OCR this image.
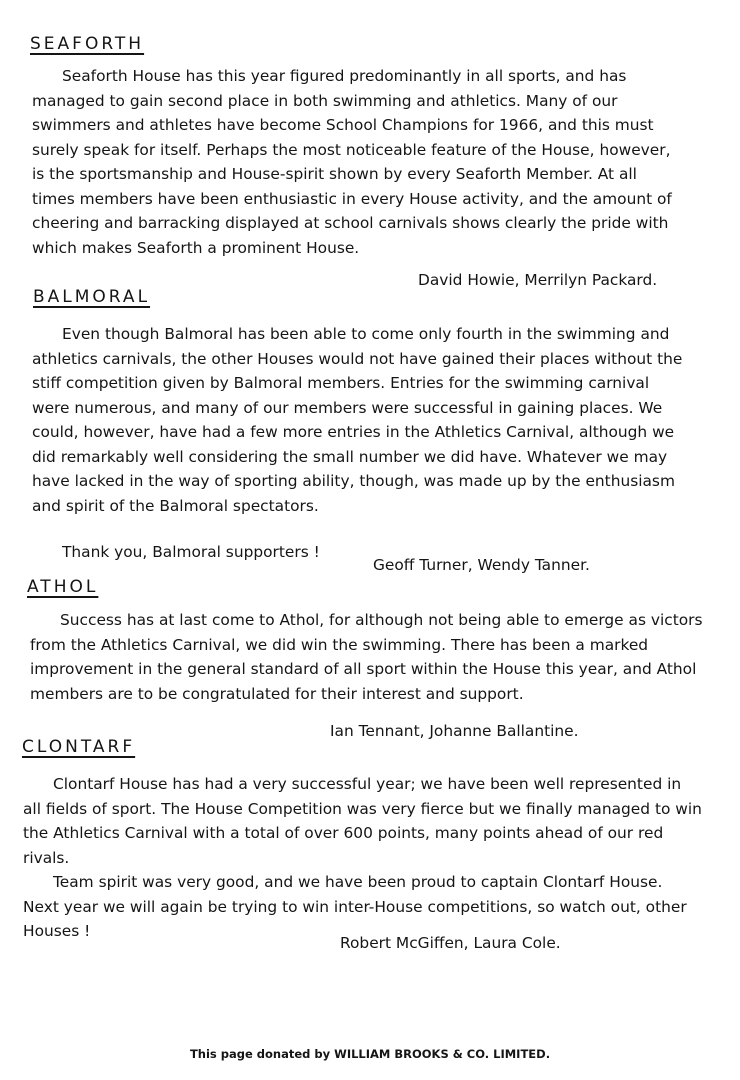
SEAFORTH

Seaforth House has this year figured predominantly in all sports, and has managed to gain second place in both swimming and athletics. Many of our swimmers and athletes have become School Champions for 1966, and this must surely speak for itself. Perhaps the most noticeable feature of the House, however, is the sportsmanship and House-spirit shown by every Seaforth Member. At all times members have been enthusiastic in every House activity, and the amount of cheering and barracking displayed at school carnivals shows clearly the pride with which makes Seaforth a prominent House.

David Howie, Merrilyn Packard.

BALMORAL

Even though Balmoral has been able to come only fourth in the swimming and athletics carnivals, the other Houses would not have gained their places without the stiff competition given by Balmoral members. Entries for the swimming carnival were numerous, and many of our members were successful in gaining places. We could, however, have had a few more entries in the Athletics Carnival, although we did remarkably well considering the small number we did have. Whatever we may have lacked in the way of sporting ability, though, was made up by the enthusiasm and spirit of the Balmoral spectators.

Thank you, Balmoral supporters !

Geoff Turner, Wendy Tanner.

ATHOL

Success has at last come to Athol, for although not being able to emerge as victors from the Athletics Carnival, we did win the swimming. There has been a marked improvement in the general standard of all sport within the House this year, and Athol members are to be congratulated for their interest and support.

Ian Tennant, Johanne Ballantine.

CLONTARF

Clontarf House has had a very successful year; we have been well represented in all fields of sport. The House Competition was very fierce but we finally managed to win the Athletics Carnival with a total of over 600 points, many points ahead of our red rivals.

Team spirit was very good, and we have been proud to captain Clontarf House. Next year we will again be trying to win inter-House competitions, so watch out, other Houses !

Robert McGiffen, Laura Cole.

This page donated by WILLIAM BROOKS & CO. LIMITED.
